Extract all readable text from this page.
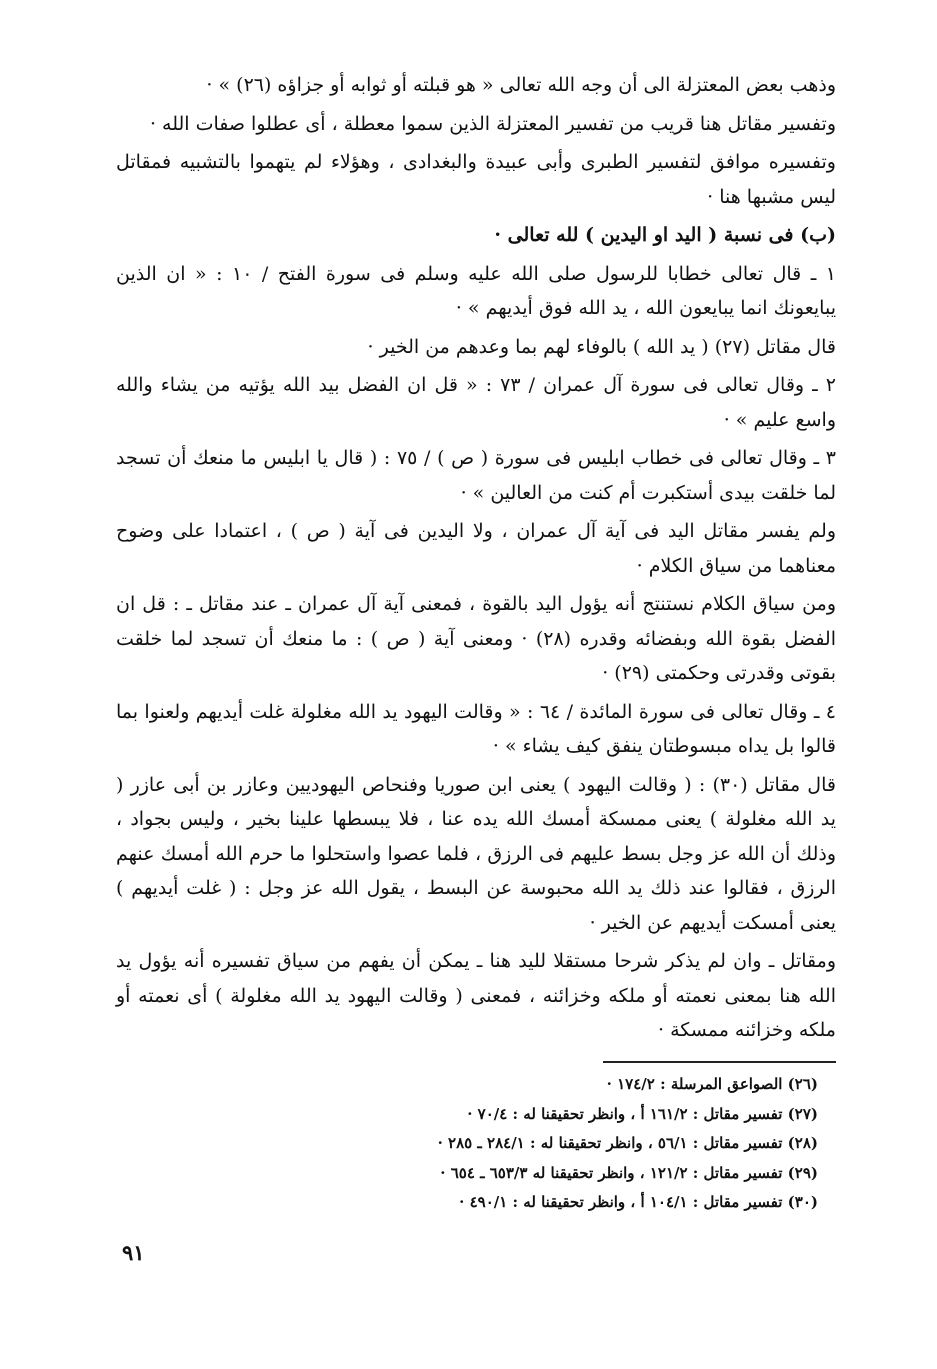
وذهب بعض المعتزلة الى أن وجه الله تعالى « هو قبلته أو ثوابه أو جزاؤه (٢٦) » ·

وتفسير مقاتل هنا قريب من تفسير المعتزلة الذين سموا معطلة ، أى عطلوا صفات الله ·

وتفسيره موافق لتفسير الطبرى وأبى عبيدة والبغدادى ، وهؤلاء لم يتهموا بالتشبيه فمقاتل ليس مشبها هنا ·

(ب) فى نسبة ( اليد او اليدين ) لله تعالى ·

١ ـ قال تعالى خطابا للرسول صلى الله عليه وسلم فى سورة الفتح / ١٠ : « ان الذين يبايعونك انما يبايعون الله ، يد الله فوق أيديهم » ·

قال مقاتل (٢٧) ( يد الله ) بالوفاء لهم بما وعدهم من الخير ·

٢ ـ وقال تعالى فى سورة آل عمران / ٧٣ : « قل ان الفضل بيد الله يؤتيه من يشاء والله واسع عليم » ·

٣ ـ وقال تعالى فى خطاب ابليس فى سورة ( ص ) / ٧٥ : ( قال يا ابليس ما منعك أن تسجد لما خلقت بيدى أستكبرت أم كنت من العالين » ·

ولم يفسر مقاتل اليد فى آية آل عمران ، ولا اليدين فى آية ( ص ) ، اعتمادا على وضوح معناهما من سياق الكلام ·

ومن سياق الكلام نستنتج أنه يؤول اليد بالقوة ، فمعنى آية آل عمران ـ عند مقاتل ـ : قل ان الفضل بقوة الله وبفضائه وقدره (٢٨) · ومعنى آية ( ص ) : ما منعك أن تسجد لما خلقت بقوتى وقدرتى وحكمتى (٢٩) ·

٤ ـ وقال تعالى فى سورة المائدة / ٦٤ : « وقالت اليهود يد الله مغلولة غلت أيديهم ولعنوا بما قالوا بل يداه مبسوطتان ينفق كيف يشاء » ·

قال مقاتل (٣٠) : ( وقالت اليهود ) يعنى ابن صوريا وفنحاص اليهوديين وعازر بن أبى عازر ( يد الله مغلولة ) يعنى ممسكة أمسك الله يده عنا ، فلا يبسطها علينا بخير ، وليس بجواد ، وذلك أن الله عز وجل بسط عليهم فى الرزق ، فلما عصوا واستحلوا ما حرم الله أمسك عنهم الرزق ، فقالوا عند ذلك يد الله محبوسة عن البسط ، يقول الله عز وجل : ( غلت أيديهم ) يعنى أمسكت أيديهم عن الخير ·

ومقاتل ـ وان لم يذكر شرحا مستقلا لليد هنا ـ يمكن أن يفهم من سياق تفسيره أنه يؤول يد الله هنا بمعنى نعمته أو ملكه وخزائنه ، فمعنى ( وقالت اليهود يد الله مغلولة ) أى نعمته أو ملكه وخزائنه ممسكة ·

(٢٦) الصواعق المرسلة : ١٧٤/٢ ·
(٢٧) تفسير مقاتل : ١٦١/٢ أ ، وانظر تحقيقنا له : ٧٠/٤ ·
(٢٨) تفسير مقاتل : ٥٦/١ ، وانظر تحقيقنا له : ٢٨٤/١ ـ ٢٨٥ ·
(٢٩) تفسير مقاتل : ١٢١/٢ ، وانظر تحقيقنا له ٦٥٣/٣ ـ ٦٥٤ ·
(٣٠) تفسير مقاتل : ١٠٤/١ أ ، وانظر تحقيقنا له : ٤٩٠/١ ·
٩١
